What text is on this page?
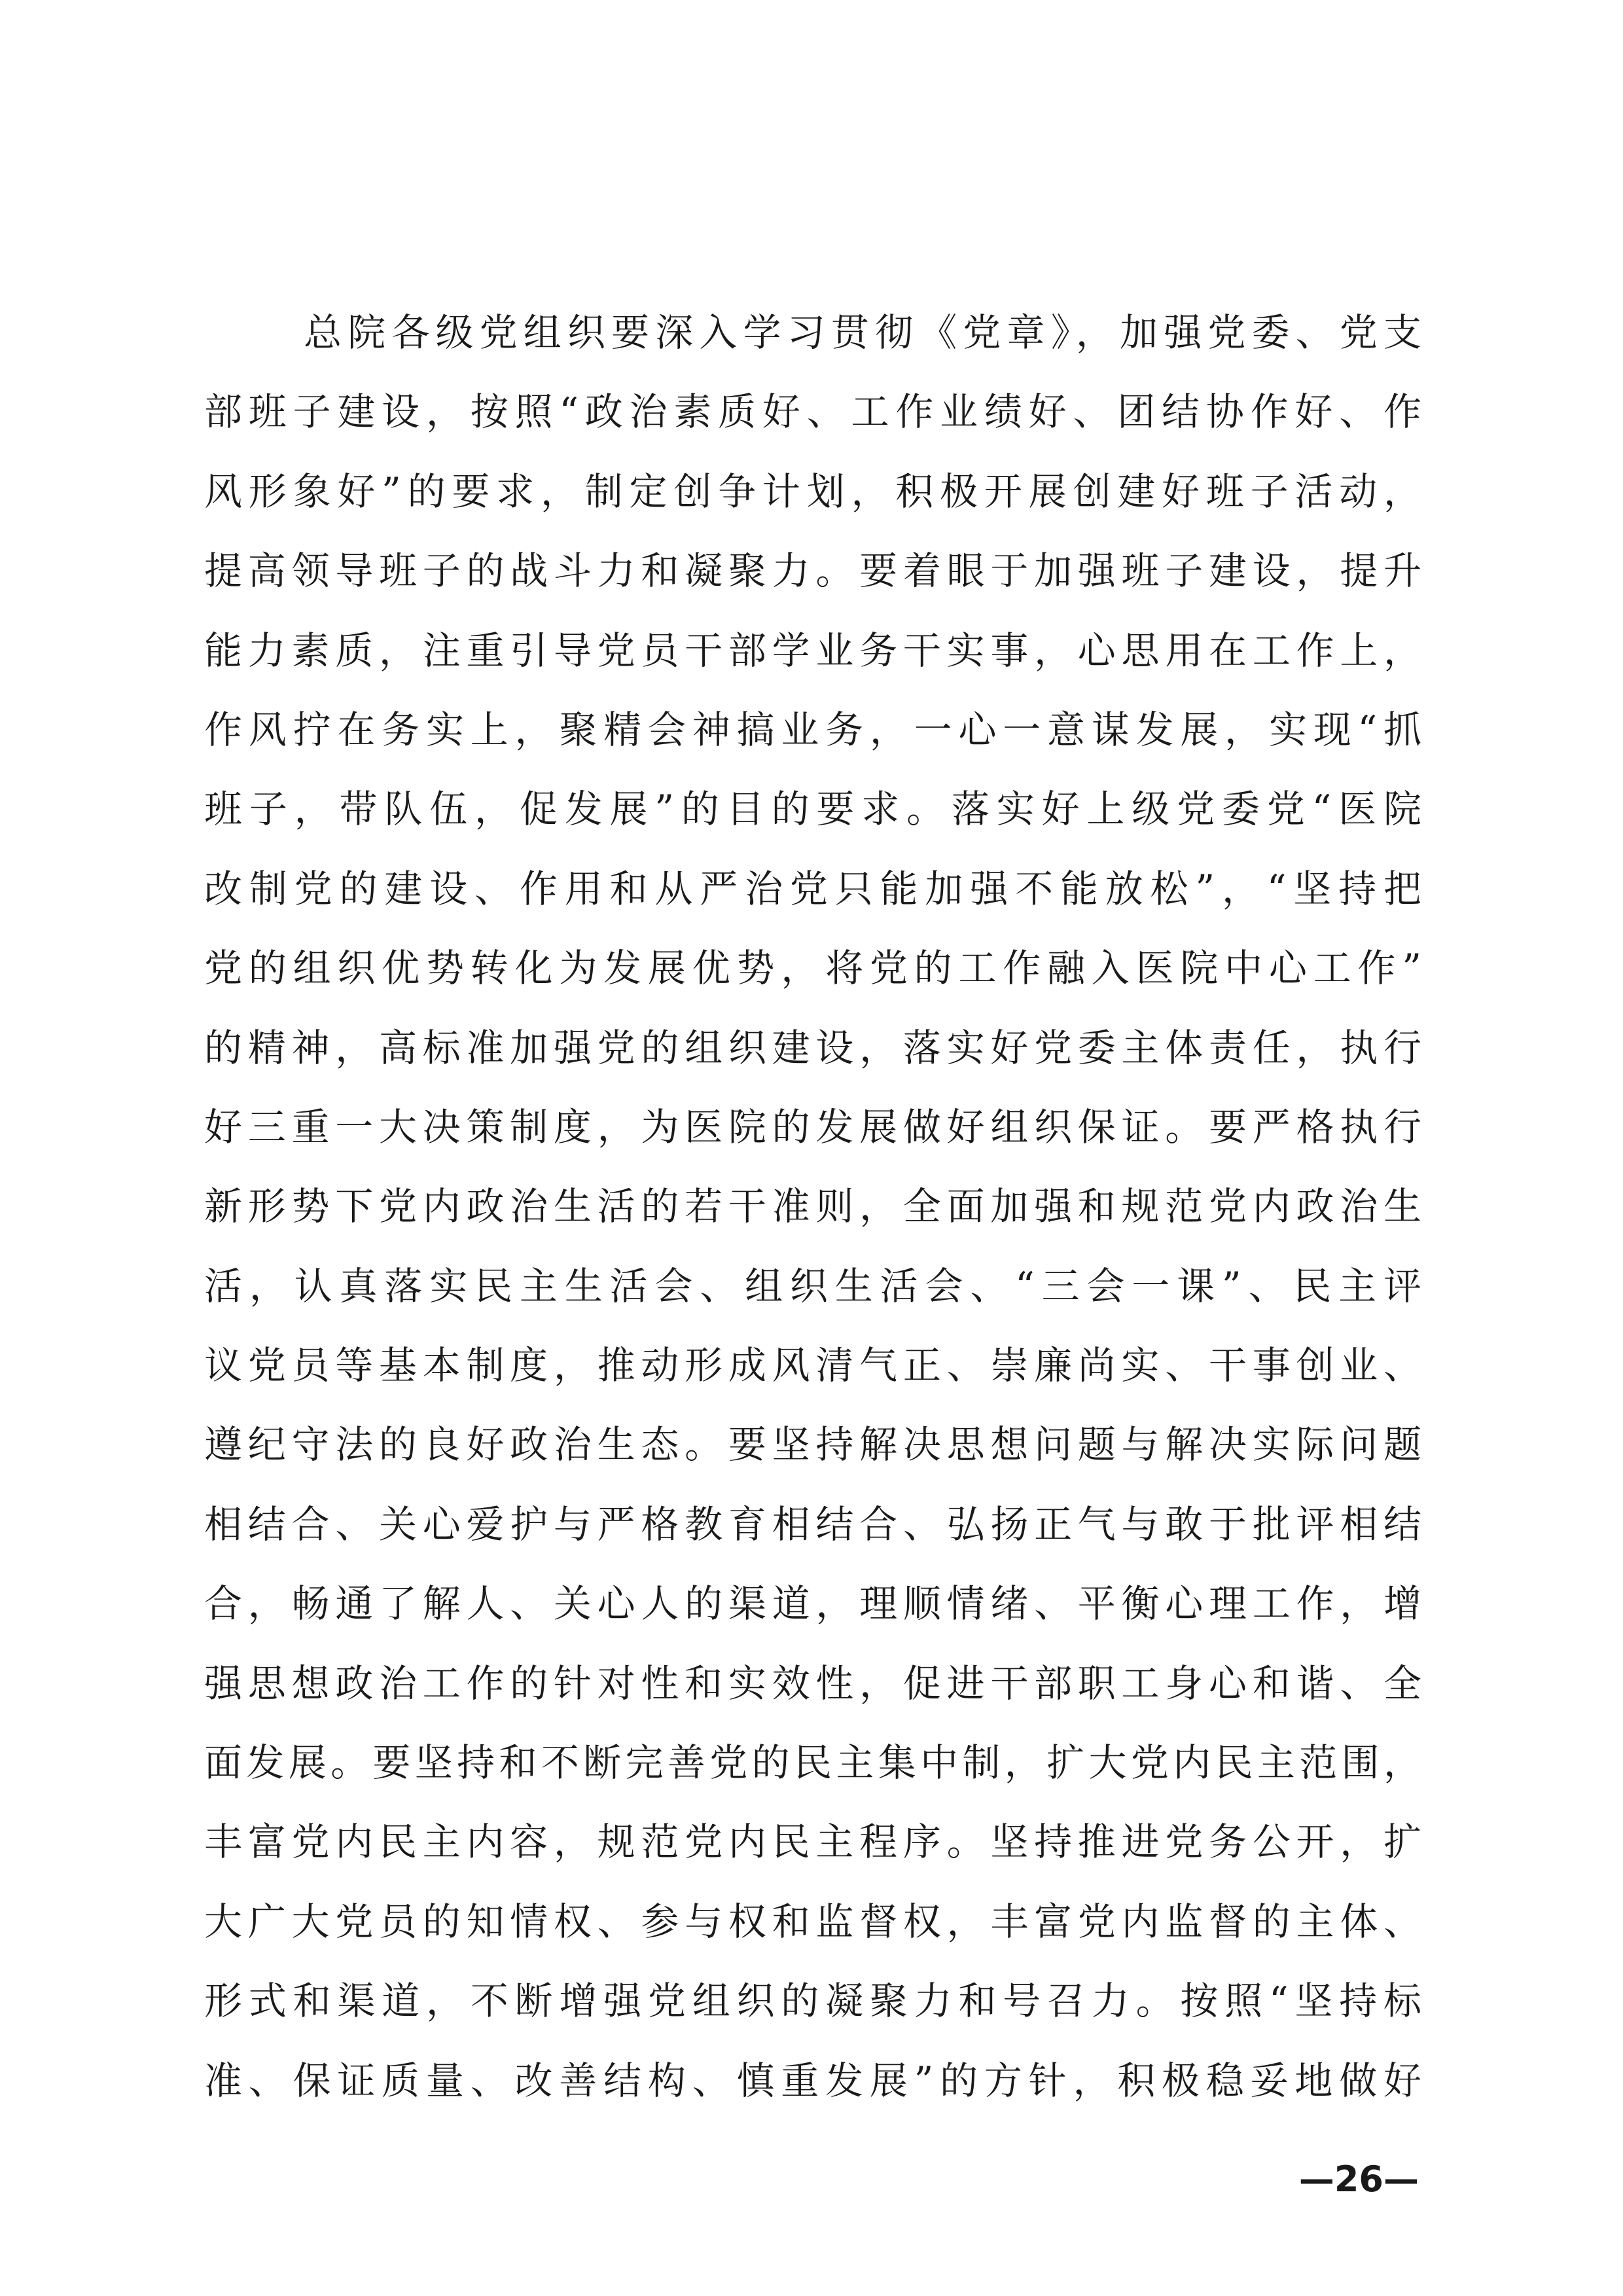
总院各级党组织要深入学习贯彻《党章》，加强党委、党支
部班子建设，按照“政治素质好、工作业绩好、团结协作好、作
风形象好”的要求，制定创争计划，积极开展创建好班子活动，
提高领导班子的战斗力和凝聚力。要着眼于加强班子建设，提升
能力素质，注重引导党员干部学业务干实事，心思用在工作上，
作风拧在务实上，聚精会神搞业务，一心一意谋发展，实现“抓
班子，带队伍，促发展”的目的要求。落实好上级党委党“医院
改制党的建设、作用和从严治党只能加强不能放松”，“坚持把
党的组织优势转化为发展优势，将党的工作融入医院中心工作”
的精神，高标准加强党的组织建设，落实好党委主体责任，执行
好三重一大决策制度，为医院的发展做好组织保证。要严格执行
新形势下党内政治生活的若干准则，全面加强和规范党内政治生
活，认真落实民主生活会、组织生活会、“三会一课”、民主评
议党员等基本制度，推动形成风清气正、崇廉尚实、干事创业、
遵纪守法的良好政治生态。要坚持解决思想问题与解决实际问题
相结合、关心爱护与严格教育相结合、弘扬正气与敢于批评相结
合，畅通了解人、关心人的渠道，理顺情绪、平衡心理工作，增
强思想政治工作的针对性和实效性，促进干部职工身心和谐、全
面发展。要坚持和不断完善党的民主集中制，扩大党内民主范围，
丰富党内民主内容，规范党内民主程序。坚持推进党务公开，扩
大广大党员的知情权、参与权和监督权，丰富党内监督的主体、
形式和渠道，不断增强党组织的凝聚力和号召力。按照“坚持标
准、保证质量、改善结构、慎重发展”的方针，积极稳妥地做好
—26—
